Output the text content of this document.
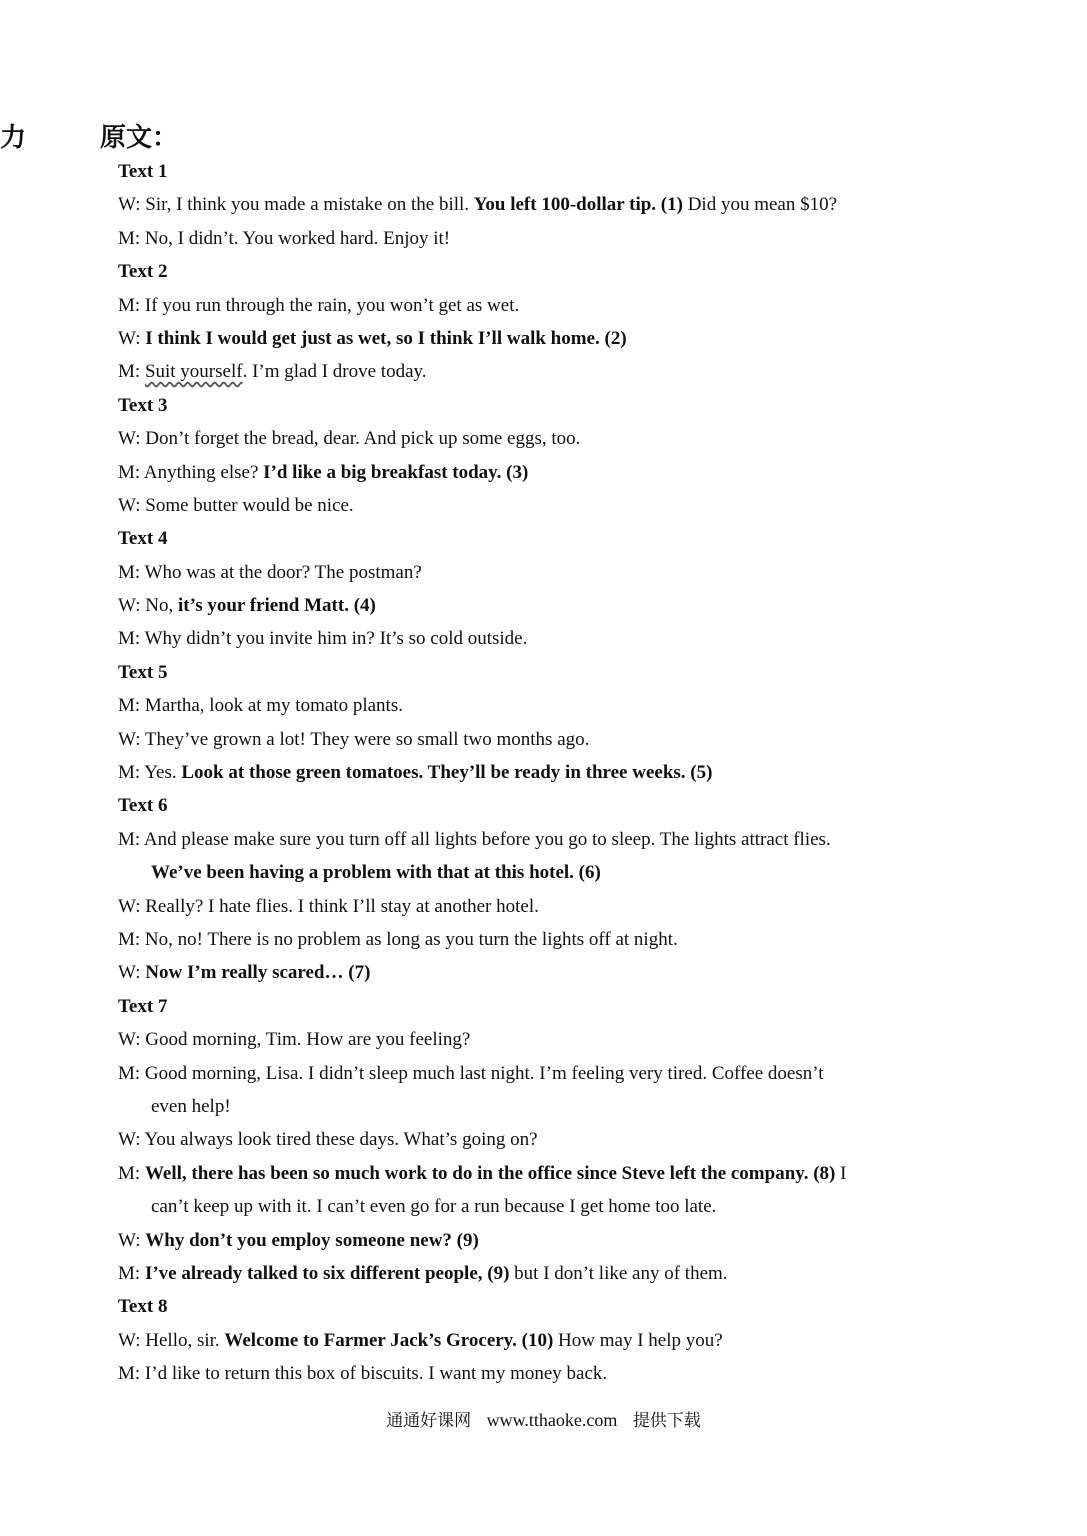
力	原文：
Text 1
W: Sir, I think you made a mistake on the bill. You left 100-dollar tip. (1) Did you mean $10?
M: No, I didn’t. You worked hard. Enjoy it!
Text 2
M: If you run through the rain, you won’t get as wet.
W: I think I would get just as wet, so I think I’ll walk home. (2)
M: Suit yourself. I’m glad I drove today.
Text 3
W: Don’t forget the bread, dear. And pick up some eggs, too.
M: Anything else? I’d like a big breakfast today. (3)
W: Some butter would be nice.
Text 4
M: Who was at the door? The postman?
W: No, it’s your friend Matt. (4)
M: Why didn’t you invite him in? It’s so cold outside.
Text 5
M: Martha, look at my tomato plants.
W: They’ve grown a lot! They were so small two months ago.
M: Yes. Look at those green tomatoes. They’ll be ready in three weeks. (5)
Text 6
M: And please make sure you turn off all lights before you go to sleep. The lights attract flies.
We’ve been having a problem with that at this hotel. (6)
W: Really? I hate flies. I think I’ll stay at another hotel.
M: No, no! There is no problem as long as you turn the lights off at night.
W: Now I’m really scared… (7)
Text 7
W: Good morning, Tim. How are you feeling?
M: Good morning, Lisa. I didn’t sleep much last night. I’m feeling very tired. Coffee doesn’t
even help!
W: You always look tired these days. What’s going on?
M: Well, there has been so much work to do in the office since Steve left the company. (8) I
can’t keep up with it. I can’t even go for a run because I get home too late.
W: Why don’t you employ someone new? (9)
M: I’ve already talked to six different people, (9) but I don’t like any of them.
Text 8
W: Hello, sir. Welcome to Farmer Jack’s Grocery. (10) How may I help you?
M: I’d like to return this box of biscuits. I want my money back.
通通好课网 www.tthaoke.com 提供下载
